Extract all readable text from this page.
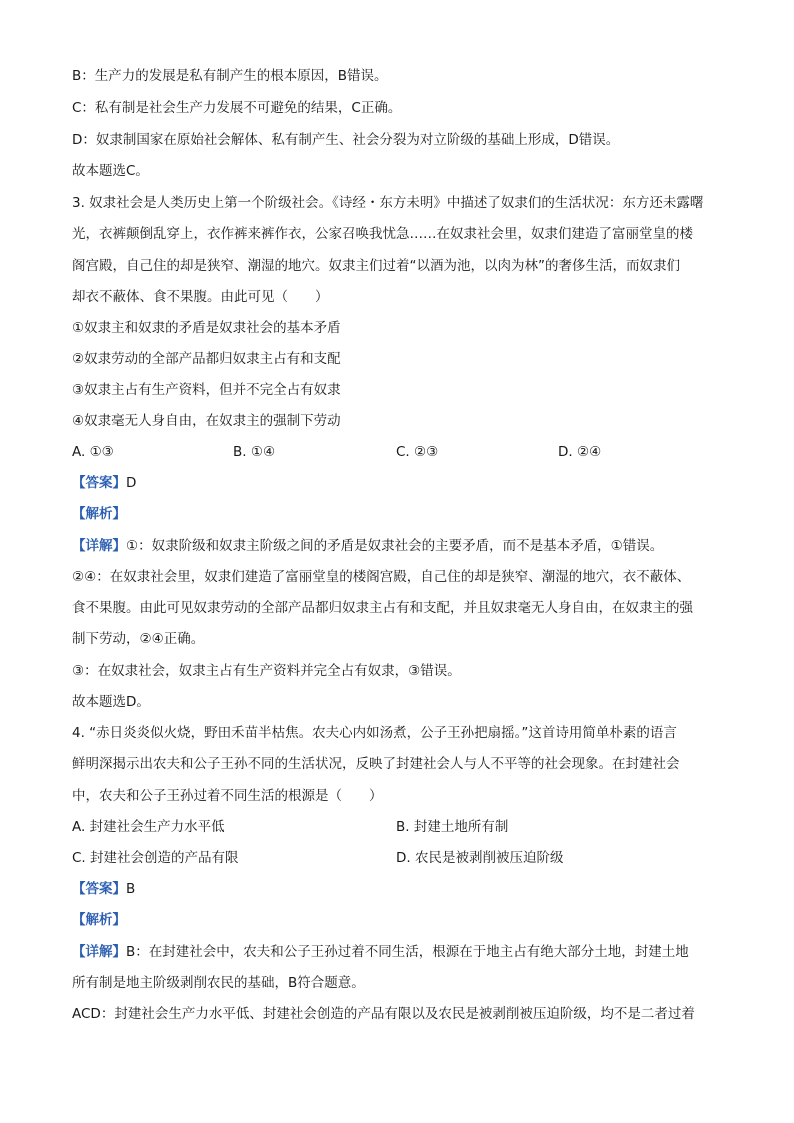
B：生产力的发展是私有制产生的根本原因，B错误。
C：私有制是社会生产力发展不可避免的结果，C正确。
D：奴隶制国家在原始社会解体、私有制产生、社会分裂为对立阶级的基础上形成，D错误。
故本题选C。
3. 奴隶社会是人类历史上第一个阶级社会。《诗经・东方未明》中描述了奴隶们的生活状况：东方还未露曙
光，衣裤颠倒乱穿上，衣作裤来裤作衣，公家召唤我忧急……在奴隶社会里，奴隶们建造了富丽堂皇的楼
阁宫殿，自己住的却是狭窄、潮湿的地穴。奴隶主们过着“以酒为池，以肉为林”的奢侈生活，而奴隶们
却衣不蔽体、食不果腹。由此可见（　　）
①奴隶主和奴隶的矛盾是奴隶社会的基本矛盾
②奴隶劳动的全部产品都归奴隶主占有和支配
③奴隶主占有生产资料，但并不完全占有奴隶
④奴隶毫无人身自由，在奴隶主的强制下劳动
A. ①③	B. ①④	C. ②③	D. ②④
【答案】D
【解析】
【详解】①：奴隶阶级和奴隶主阶级之间的矛盾是奴隶社会的主要矛盾，而不是基本矛盾，①错误。
②④：在奴隶社会里，奴隶们建造了富丽堂皇的楼阁宫殿，自己住的却是狭窄、潮湿的地穴，衣不蔽体、
食不果腹。由此可见奴隶劳动的全部产品都归奴隶主占有和支配，并且奴隶毫无人身自由，在奴隶主的强
制下劳动，②④正确。
③：在奴隶社会，奴隶主占有生产资料并完全占有奴隶，③错误。
故本题选D。
4. “赤日炎炎似火烧，野田禾苗半枯焦。农夫心内如汤煮，公子王孙把扇摇。”这首诗用简单朴素的语言
鲜明深揭示出农夫和公子王孙不同的生活状况，反映了封建社会人与人不平等的社会现象。在封建社会
中，农夫和公子王孙过着不同生活的根源是（　　）
A. 封建社会生产力水平低	B. 封建土地所有制
C. 封建社会创造的产品有限	D. 农民是被剥削被压迫阶级
【答案】B
【解析】
【详解】B：在封建社会中，农夫和公子王孙过着不同生活，根源在于地主占有绝大部分土地，封建土地
所有制是地主阶级剥削农民的基础，B符合题意。
ACD：封建社会生产力水平低、封建社会创造的产品有限以及农民是被剥削被压迫阶级，均不是二者过着
